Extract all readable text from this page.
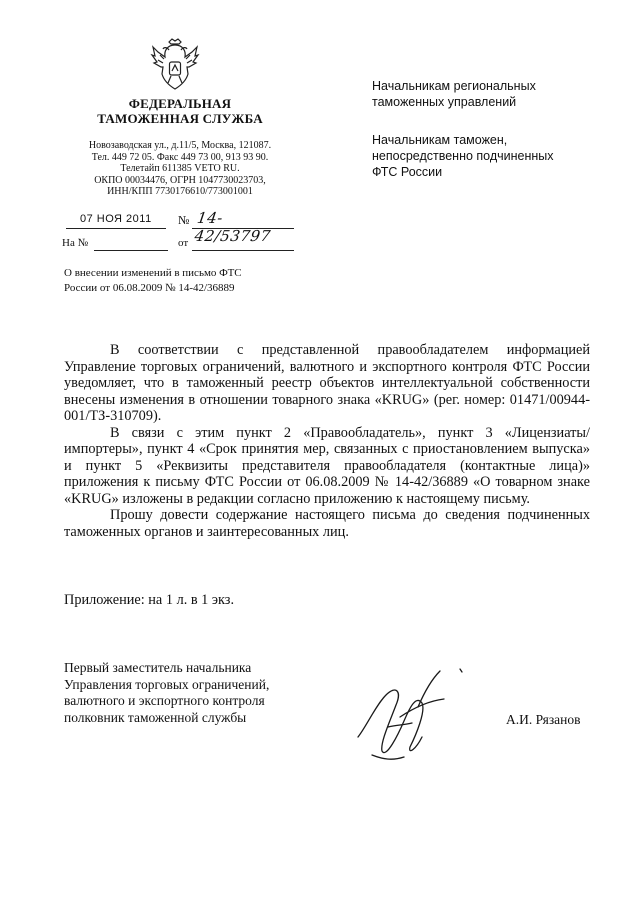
ФЕДЕРАЛЬНАЯ
ТАМОЖЕННАЯ СЛУЖБА
Новозаводская ул., д.11/5, Москва, 121087.
Тел. 449 72 05. Факс 449 73 00, 913 93 90.
Телетайп 611385 VETO RU.
ОКПО 00034476, ОГРН 1047730023703,
ИНН/КПП 7730176610/773001001
07 НОЯ 2011 № 14-42/53797
На №	от
О внесении изменений в письмо ФТС
России от 06.08.2009 № 14-42/36889

Начальникам региональных
таможенных управлений

Начальникам таможен,
непосредственно подчиненных
ФТС России

В соответствии с представленной правообладателем информацией Управление торговых ограничений, валютного и экспортного контроля ФТС России уведомляет, что в таможенный реестр объектов интеллектуальной собственности внесены изменения в отношении товарного знака «KRUG» (рег. номер: 01471/00944-001/ТЗ-310709).

В связи с этим пункт 2 «Правообладатель», пункт 3 «Лицензиаты/импортеры», пункт 4 «Срок принятия мер, связанных с приостановлением выпуска» и пункт 5 «Реквизиты представителя правообладателя (контактные лица)» приложения к письму ФТС России от 06.08.2009 № 14-42/36889 «О товарном знаке «KRUG» изложены в редакции согласно приложению к настоящему письму.

Прошу довести содержание настоящего письма до сведения подчиненных таможенных органов и заинтересованных лиц.

Приложение: на 1 л. в 1 экз.
Первый заместитель начальника
Управления торговых ограничений,
валютного и экспортного контроля
полковник таможенной службы	А.И. Рязанов
